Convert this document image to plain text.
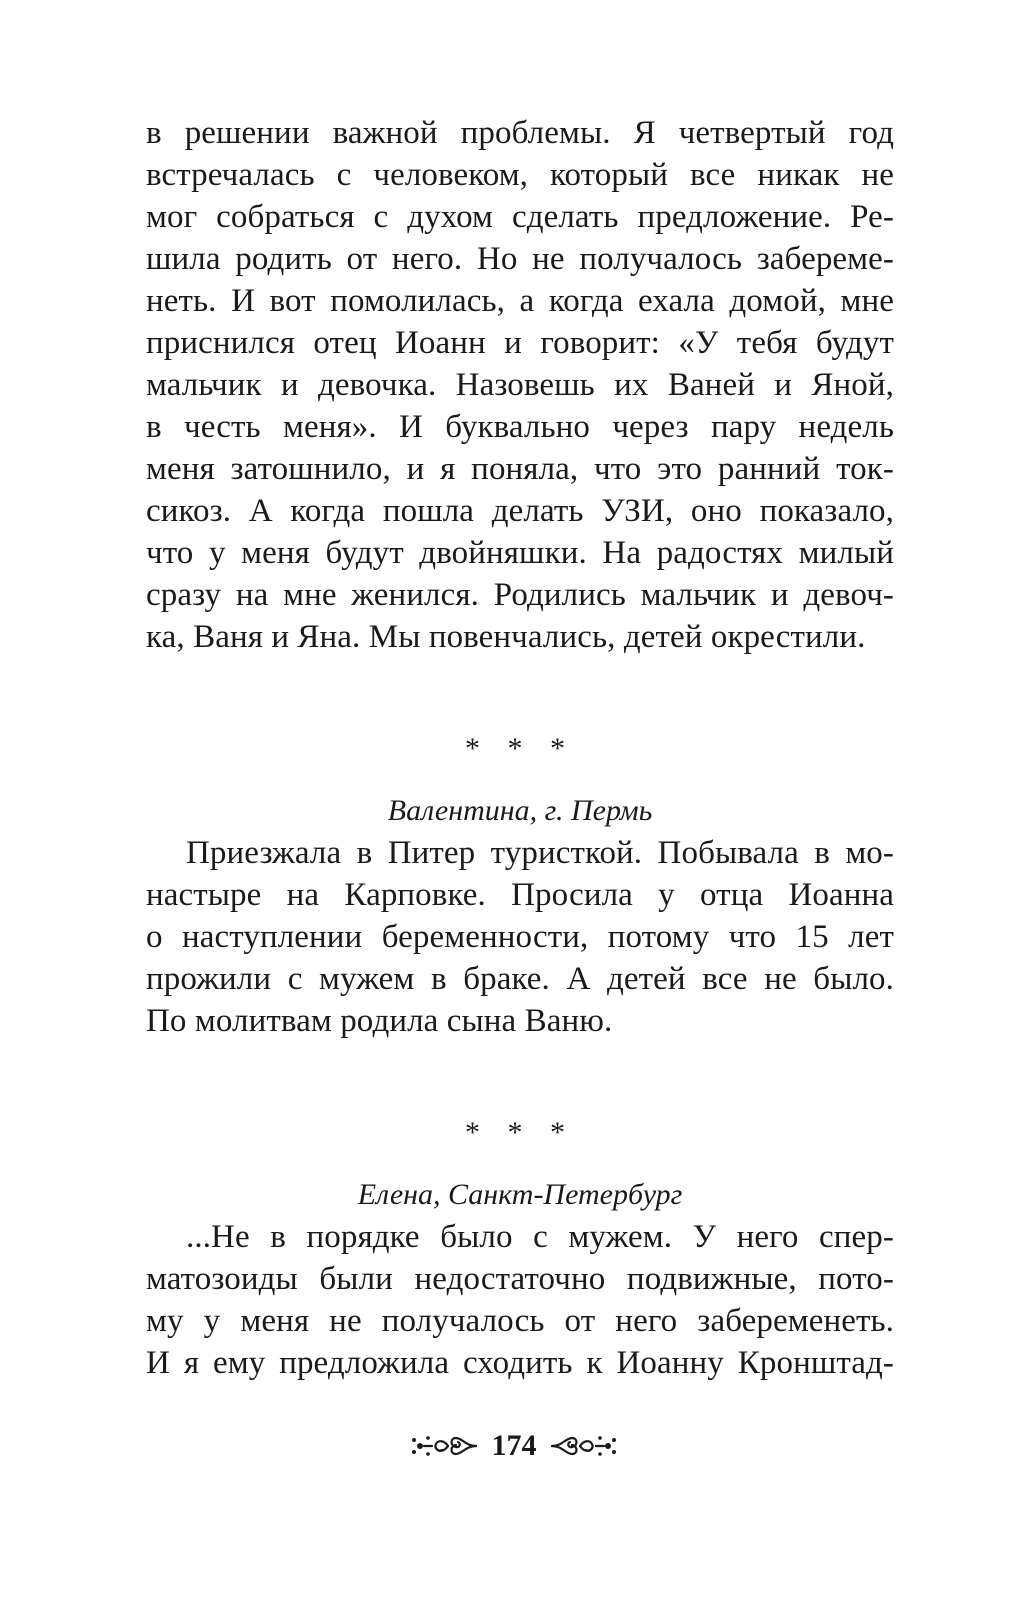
в решении важной проблемы. Я четвертый год
встречалась с человеком, который все никак не
мог собраться с духом сделать предложение. Ре-
шила родить от него. Но не получалось забереме-
неть. И вот помолилась, а когда ехала домой, мне
приснился отец Иоанн и говорит: «У тебя будут
мальчик и девочка. Назовешь их Ваней и Яной,
в честь меня». И буквально через пару недель
меня затошнило, и я поняла, что это ранний ток-
сикоз. А когда пошла делать УЗИ, оно показало,
что у меня будут двойняшки. На радостях милый
сразу на мне женился. Родились мальчик и девоч-
ка, Ваня и Яна. Мы повенчались, детей окрестили.
* * *
Валентина, г. Пермь
Приезжала в Питер туристкой. Побывала в мо-
настыре на Карповке. Просила у отца Иоанна
о наступлении беременности, потому что 15 лет
прожили с мужем в браке. А детей все не было.
По молитвам родила сына Ваню.
* * *
Елена, Санкт-Петербург
...Не в порядке было с мужем. У него спер-
матозоиды были недостаточно подвижные, пото-
му у меня не получалось от него забеременеть.
И я ему предложила сходить к Иоанну Кронштад-
174
